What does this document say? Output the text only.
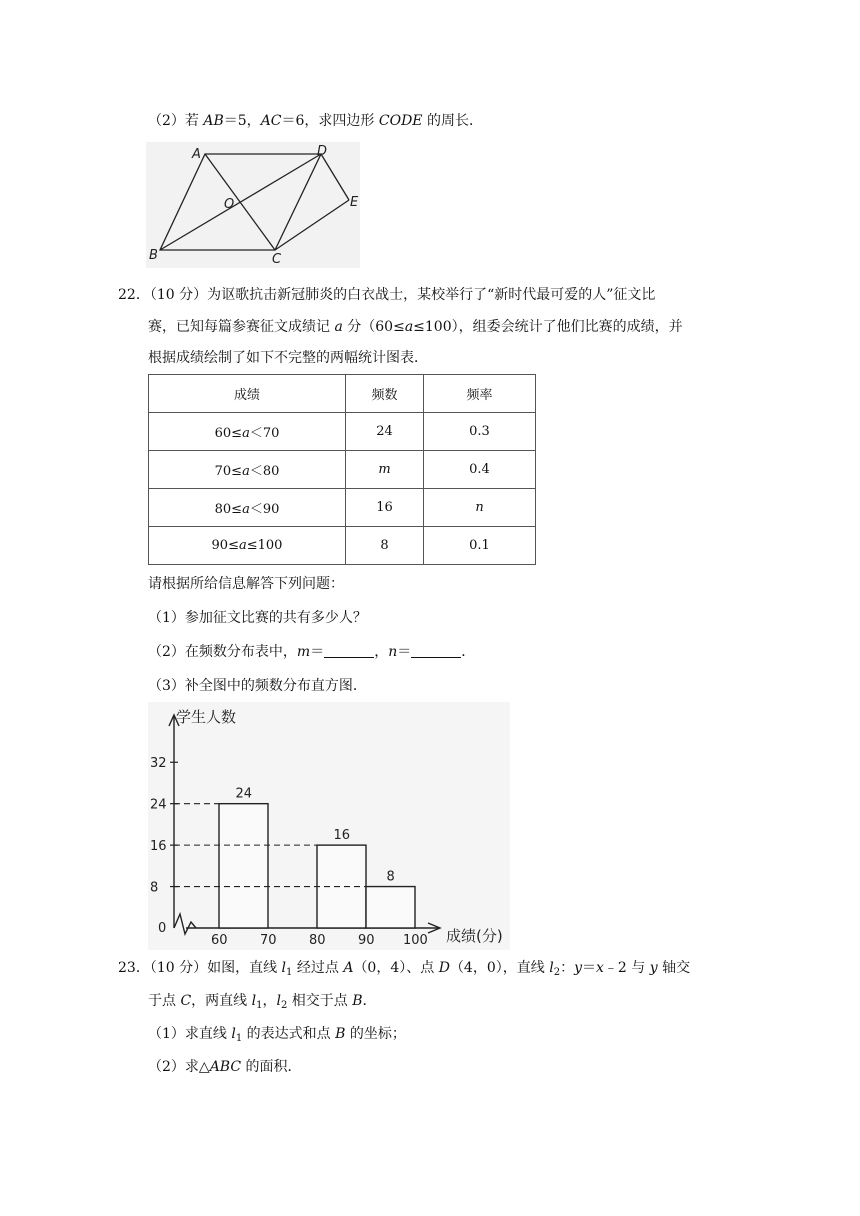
（2）若 AB＝5，AC＝6，求四边形 CODE 的周长．
A	D
E
O
B	C
22．（10 分）为讴歌抗击新冠肺炎的白衣战士，某校举行了“新时代最可爱的人”征文比
赛，已知每篇参赛征文成绩记 a 分（60≤a≤100），组委会统计了他们比赛的成绩，并
根据成绩绘制了如下不完整的两幅统计图表．
成绩	频数	频率
60≤a＜70	24	0.3
70≤a＜80	m	0.4
80≤a＜90	16	n
90≤a≤100	8	0.1
请根据所给信息解答下列问题：
（1）参加征文比赛的共有多少人？
（2）在频数分布表中，m＝	，n＝	．
（3）补全图中的频数分布直方图．
学生人数
成绩(分)
0
8
16
24
32
60 70 80 90 100
24
16
8
23．（10 分）如图，直线 $l_1$ 经过点 A（0，4）、点 D（4，0），直线 $l_2$：y＝x﹣2 与 y 轴交
于点 C，两直线 $l_1$，$l_2$ 相交于点 B．
（1）求直线 $l_1$ 的表达式和点 B 的坐标；
（2）求△ABC 的面积．
